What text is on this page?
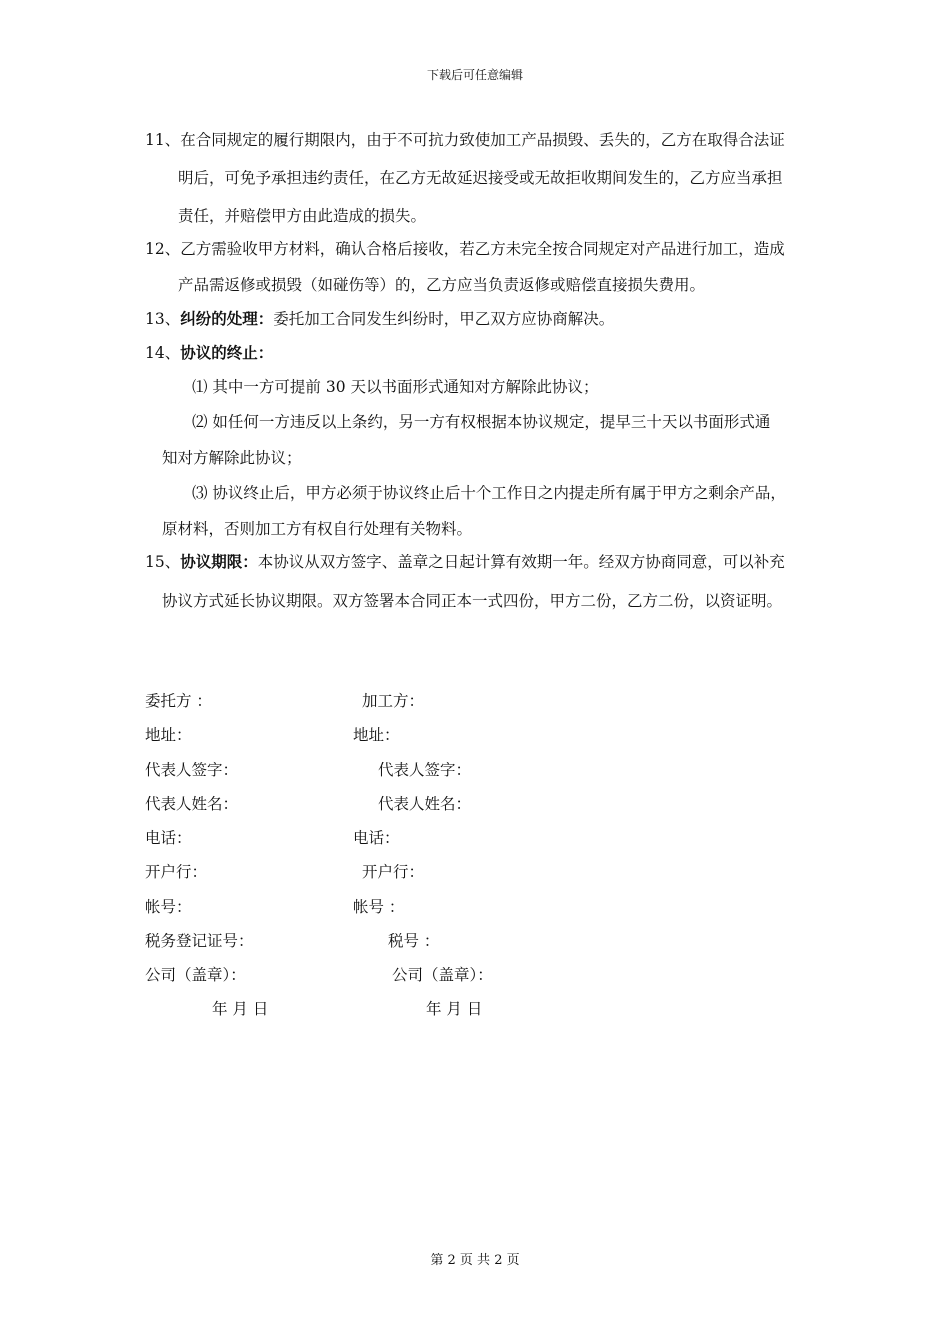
下载后可任意编辑
11、在合同规定的履行期限内，由于不可抗力致使加工产品损毁、丢失的，乙方在取得合法证
明后，可免予承担违约责任，在乙方无故延迟接受或无故拒收期间发生的，乙方应当承担
责任，并赔偿甲方由此造成的损失。
12、乙方需验收甲方材料，确认合格后接收，若乙方未完全按合同规定对产品进行加工，造成
产品需返修或损毁（如碰伤等）的，乙方应当负责返修或赔偿直接损失费用。
13、纠纷的处理：委托加工合同发生纠纷时，甲乙双方应协商解决。
14、协议的终止：
⑴ 其中一方可提前 30 天以书面形式通知对方解除此协议；
⑵ 如任何一方违反以上条约，另一方有权根据本协议规定，提早三十天以书面形式通
知对方解除此协议；
⑶ 协议终止后，甲方必须于协议终止后十个工作日之内提走所有属于甲方之剩余产品，
原材料，否则加工方有权自行处理有关物料。
15、协议期限：本协议从双方签字、盖章之日起计算有效期一年。经双方协商同意，可以补充
协议方式延长协议期限。双方签署本合同正本一式四份，甲方二份，乙方二份，以资证明。
委托方 ：
地址：
代表人签字：
代表人姓名：
电话：
开户行：
帐号：
税务登记证号：
公司（盖章）：
年 月 日
加工方：
地址：
代表人签字：
代表人姓名：
电话：
开户行：
帐号 ：
税号 ：
公司（盖章）：
年 月 日
第 2 页 共 2 页
